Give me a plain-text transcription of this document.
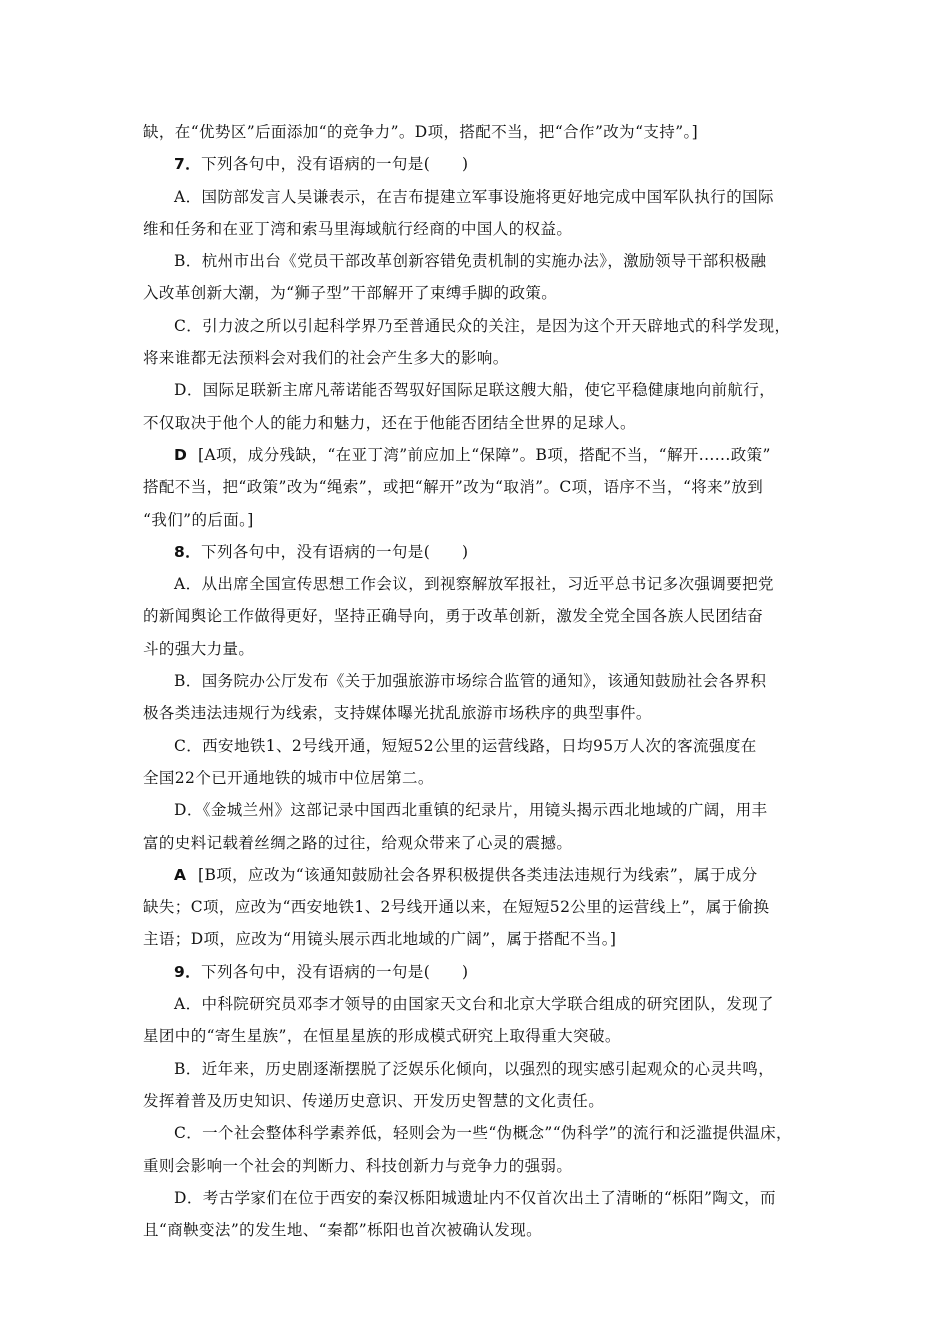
缺，在“优势区”后面添加“的竞争力”。D项，搭配不当，把“合作”改为“支持”。]
7．下列各句中，没有语病的一句是(　　)
A．国防部发言人吴谦表示，在吉布提建立军事设施将更好地完成中国军队执行的国际
维和任务和在亚丁湾和索马里海域航行经商的中国人的权益。
B．杭州市出台《党员干部改革创新容错免责机制的实施办法》，激励领导干部积极融
入改革创新大潮，为“狮子型”干部解开了束缚手脚的政策。
C．引力波之所以引起科学界乃至普通民众的关注，是因为这个开天辟地式的科学发现，
将来谁都无法预料会对我们的社会产生多大的影响。
D．国际足联新主席凡蒂诺能否驾驭好国际足联这艘大船，使它平稳健康地向前航行，
不仅取决于他个人的能力和魅力，还在于他能否团结全世界的足球人。
D [A项，成分残缺，“在亚丁湾”前应加上“保障”。B项，搭配不当，“解开......政策”
搭配不当，把“政策”改为“绳索”，或把“解开”改为“取消”。C项，语序不当，“将来”放到
“我们”的后面。]
8．下列各句中，没有语病的一句是(　　)
A．从出席全国宣传思想工作会议，到视察解放军报社，习近平总书记多次强调要把党
的新闻舆论工作做得更好，坚持正确导向，勇于改革创新，激发全党全国各族人民团结奋
斗的强大力量。
B．国务院办公厅发布《关于加强旅游市场综合监管的通知》，该通知鼓励社会各界积
极各类违法违规行为线索，支持媒体曝光扰乱旅游市场秩序的典型事件。
C．西安地铁1、2号线开通，短短52公里的运营线路，日均95万人次的客流强度在
全国22个已开通地铁的城市中位居第二。
D．《金城兰州》这部记录中国西北重镇的纪录片，用镜头揭示西北地域的广阔，用丰
富的史料记载着丝绸之路的过往，给观众带来了心灵的震撼。
A [B项，应改为“该通知鼓励社会各界积极提供各类违法违规行为线索”，属于成分
缺失；C项，应改为“西安地铁1、2号线开通以来，在短短52公里的运营线上”，属于偷换
主语；D项，应改为“用镜头展示西北地域的广阔”，属于搭配不当。]
9．下列各句中，没有语病的一句是(　　)
A．中科院研究员邓李才领导的由国家天文台和北京大学联合组成的研究团队，发现了
星团中的“寄生星族”，在恒星星族的形成模式研究上取得重大突破。
B．近年来，历史剧逐渐摆脱了泛娱乐化倾向，以强烈的现实感引起观众的心灵共鸣，
发挥着普及历史知识、传递历史意识、开发历史智慧的文化责任。
C．一个社会整体科学素养低，轻则会为一些“伪概念”“伪科学”的流行和泛滥提供温床，
重则会影响一个社会的判断力、科技创新力与竞争力的强弱。
D．考古学家们在位于西安的秦汉栎阳城遗址内不仅首次出土了清晰的“栎阳”陶文，而
且“商鞅变法”的发生地、“秦都”栎阳也首次被确认发现。
